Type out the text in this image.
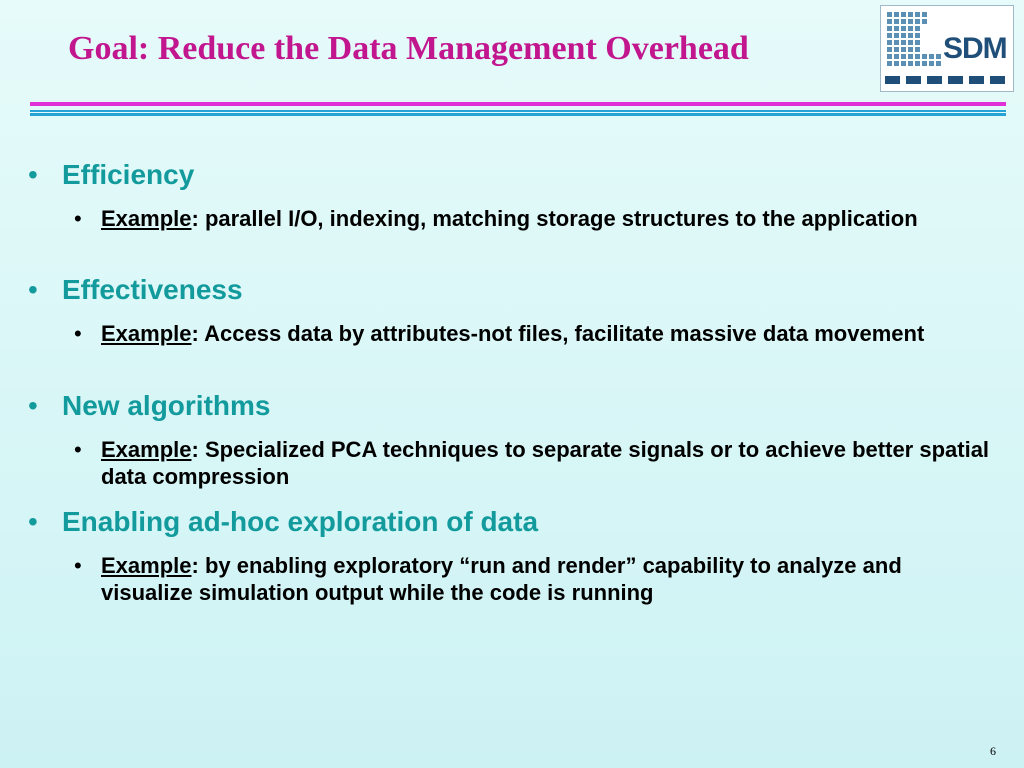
Goal: Reduce the Data Management Overhead	SDM
• Efficiency
• Example: parallel I/O, indexing, matching storage structures to the application
• Effectiveness
• Example: Access data by attributes-not files, facilitate massive data movement
• New algorithms
• Example: Specialized PCA techniques to separate signals or to achieve better spatial data compression
• Enabling ad-hoc exploration of data
• Example: by enabling exploratory “run and render” capability to analyze and visualize simulation output while the code is running
6
